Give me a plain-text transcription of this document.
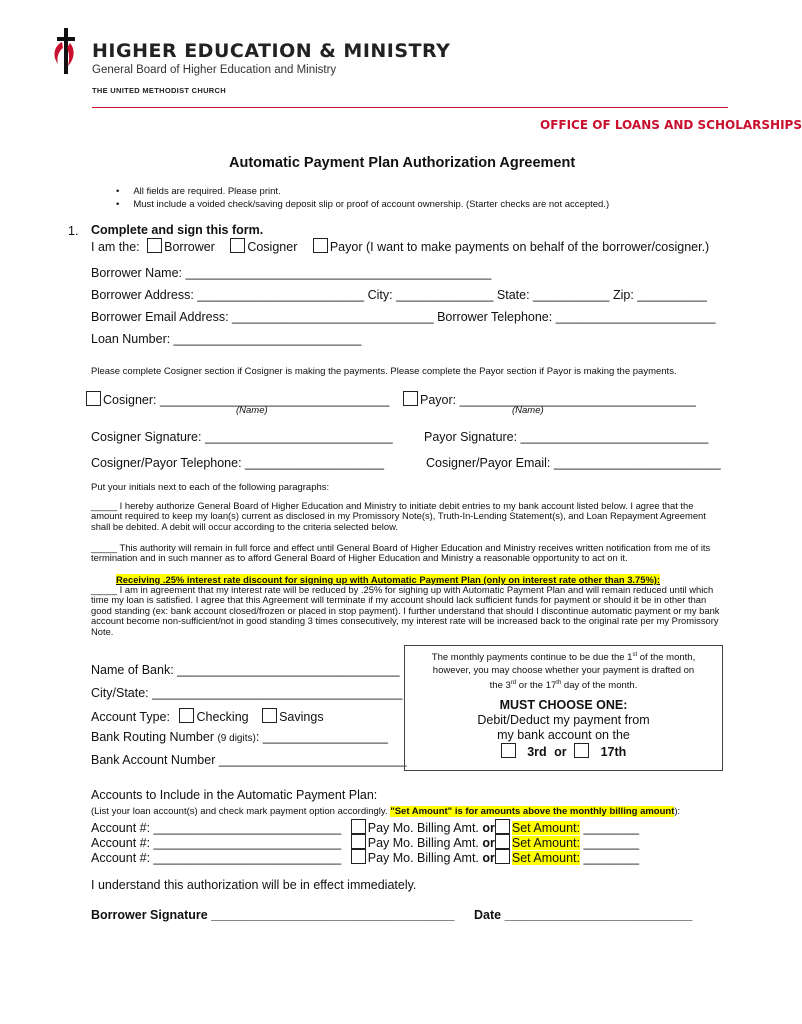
HIGHER EDUCATION & MINISTRY
General Board of Higher Education and Ministry
THE UNITED METHODIST CHURCH
OFFICE OF LOANS AND SCHOLARSHIPS
Automatic Payment Plan Authorization Agreement
• All fields are required. Please print.
• Must include a voided check/saving deposit slip or proof of account ownership. (Starter checks are not accepted.)
1. Complete and sign this form.
I am the: Borrower	Cosigner	Payor (I want to make payments on behalf of the borrower/cosigner.)
Borrower Name: ____________________________________________
Borrower Address: ________________________ City: ______________ State: ___________ Zip: __________
Borrower Email Address: _____________________________ Borrower Telephone: _______________________
Loan Number: ___________________________
Please complete Cosigner section if Cosigner is making the payments. Please complete the Payor section if Payor is making the payments.
Cosigner: _________________________________	Payor: __________________________________
(Name)	(Name)
Cosigner Signature: ___________________________	Payor Signature: ___________________________
Cosigner/Payor Telephone: ____________________	Cosigner/Payor Email: ________________________
Put your initials next to each of the following paragraphs:
_____ I hereby authorize General Board of Higher Education and Ministry to initiate debit entries to my bank account listed below. I agree that the amount required to keep my loan(s) current as disclosed in my Promissory Note(s), Truth-In-Lending Statement(s), and Loan Repayment Agreement shall be debited. A debit will occur according to the criteria selected below.
_____ This authority will remain in full force and effect until General Board of Higher Education and Ministry receives written notification from me of its termination and in such manner as to afford General Board of Higher Education and Ministry a reasonable opportunity to act on it.
Receiving .25% interest rate discount for signing up with Automatic Payment Plan (only on interest rate other than 3.75%):
_____ I am in agreement that my interest rate will be reduced by .25% for sighing up with Automatic Payment Plan and will remain reduced until which time my loan is satisfied. I agree that this Agreement will terminate if my account should lack sufficient funds for payment or should it be in other than good standing (ex: bank account closed/frozen or placed in stop payment). I further understand that should I discontinue automatic payment or my bank account become non-sufficient/not in good standing 3 times consecutively, my interest rate will be increased back to the original rate per my Promissory Note.
Name of Bank: ________________________________
City/State: ____________________________________
Account Type: Checking Savings
Bank Routing Number (9 digits): __________________
Bank Account Number ___________________________
The monthly payments continue to be due the 1st of the month,
however, you may choose whether your payment is drafted on
the 3rd or the 17th day of the month.
MUST CHOOSE ONE:
Debit/Deduct my payment from
my bank account on the
3rd or	17th
Accounts to Include in the Automatic Payment Plan:
(List your loan account(s) and check mark payment option accordingly. "Set Amount" is for amounts above the monthly billing amount):
Account #: ___________________________ Pay Mo. Billing Amt. or Set Amount: ________
Account #: ___________________________ Pay Mo. Billing Amt. or Set Amount: ________
Account #: ___________________________ Pay Mo. Billing Amt. or Set Amount: ________
I understand this authorization will be in effect immediately.
Borrower Signature ___________________________________ Date ___________________________
